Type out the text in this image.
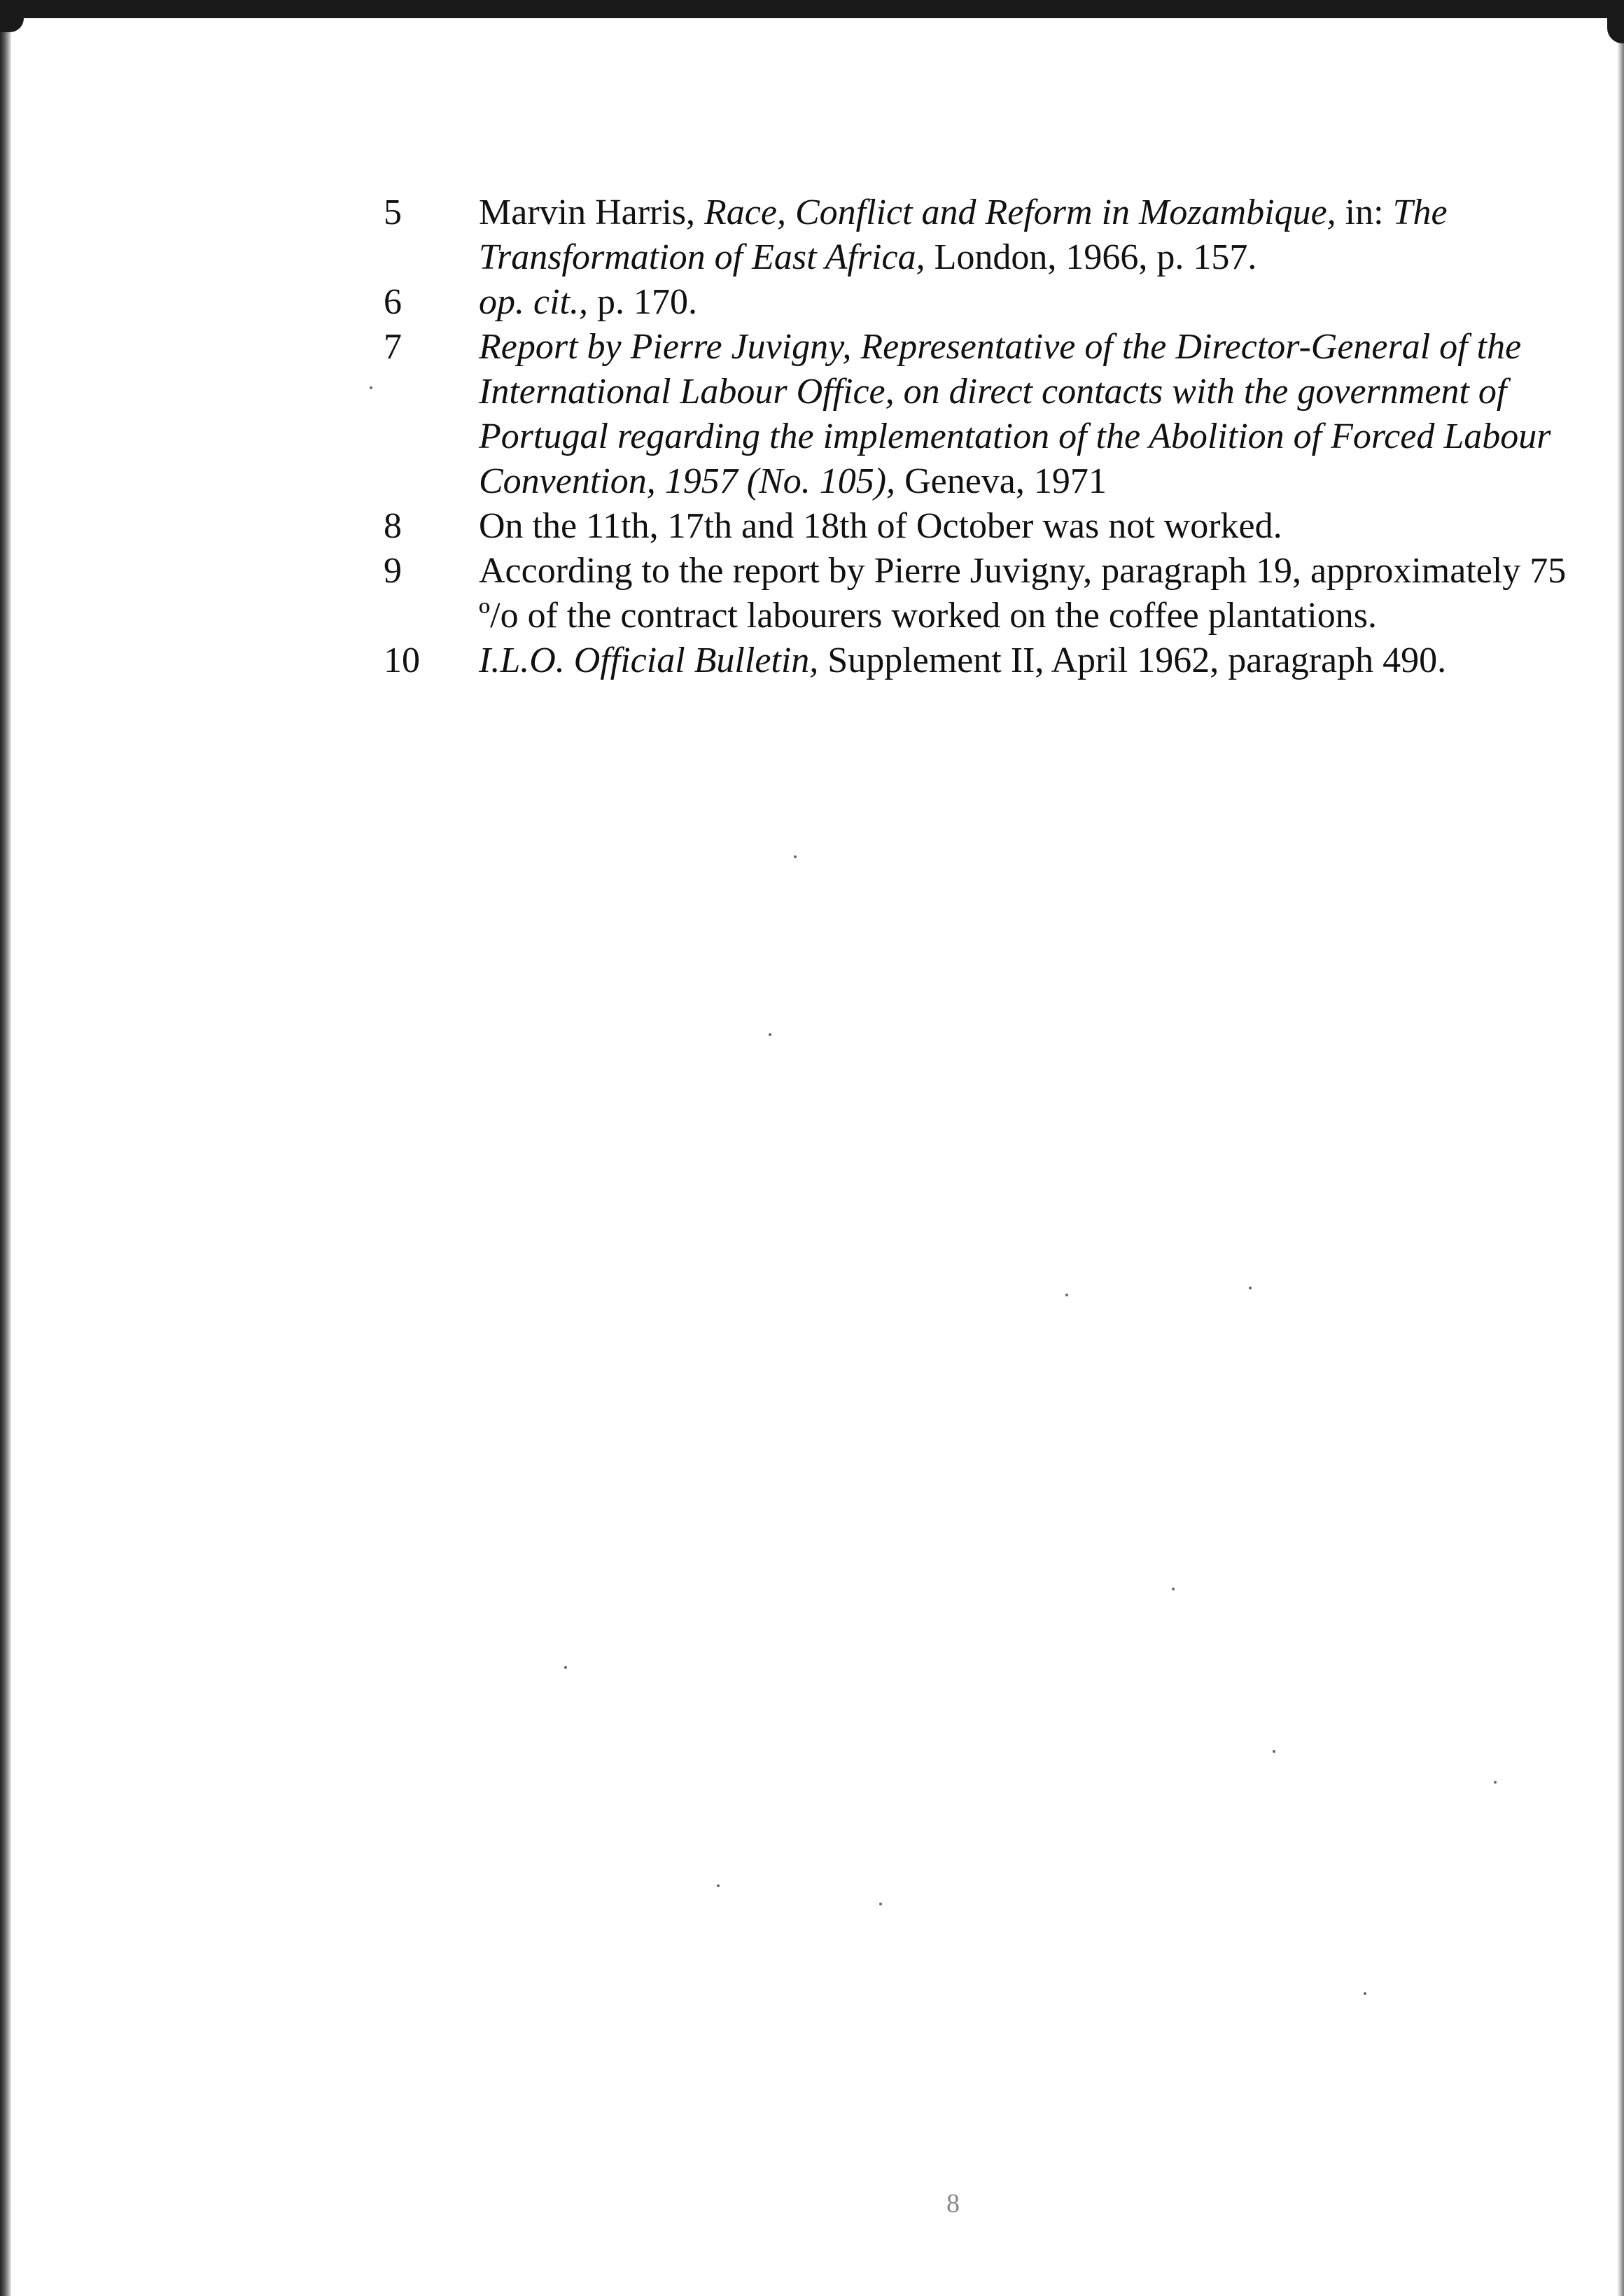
5	Marvin Harris, Race, Conflict and Reform in Mozambique, in: The Transformation of East Africa, London, 1966, p. 157.
6	op. cit., p. 170.
7	Report by Pierre Juvigny, Representative of the Director-General of the International Labour Office, on direct contacts with the government of Portugal regarding the implementation of the Abolition of Forced Labour Convention, 1957 (No. 105), Geneva, 1971
8	On the 11th, 17th and 18th of October was not worked.
9	According to the report by Pierre Juvigny, paragraph 19, approximately 75 º/o of the contract labourers worked on the coffee plantations.
10	I.L.O. Official Bulletin, Supplement II, April 1962, paragraph 490.
8
